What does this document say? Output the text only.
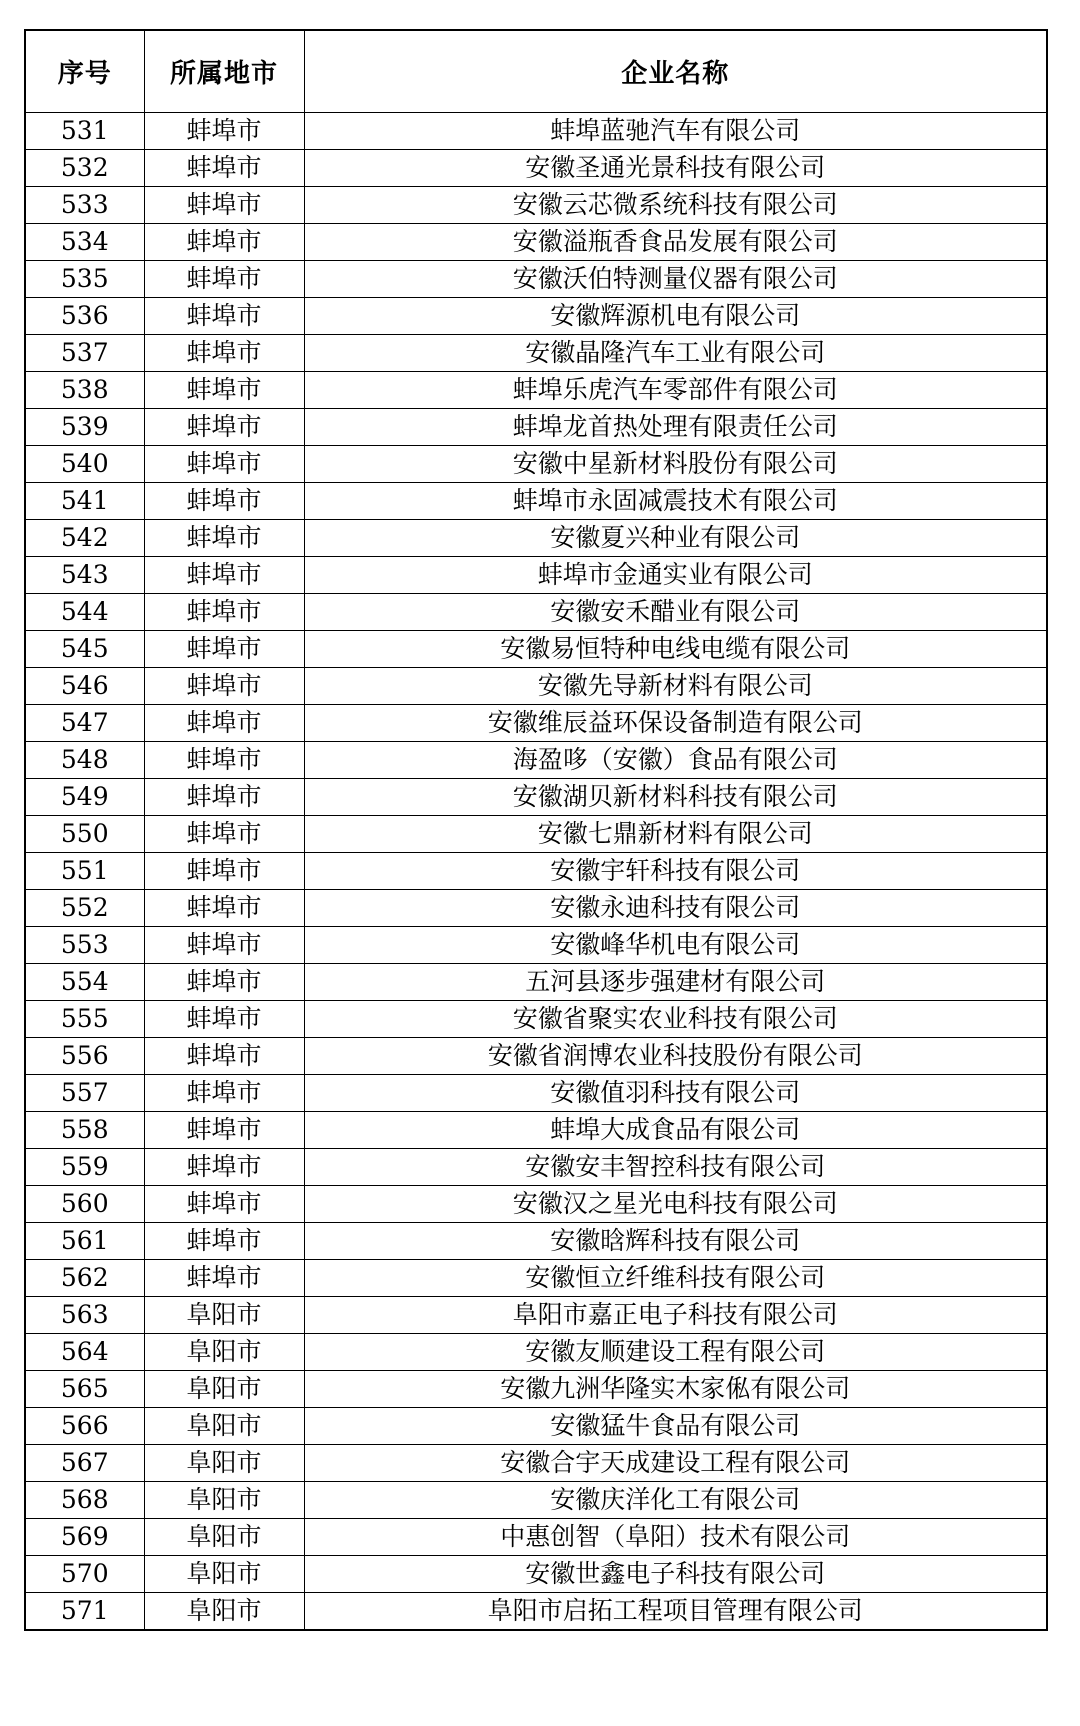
序号	所属地市	企业名称
531	蚌埠市	蚌埠蓝驰汽车有限公司
532	蚌埠市	安徽圣通光景科技有限公司
533	蚌埠市	安徽云芯微系统科技有限公司
534	蚌埠市	安徽溢瓶香食品发展有限公司
535	蚌埠市	安徽沃伯特测量仪器有限公司
536	蚌埠市	安徽辉源机电有限公司
537	蚌埠市	安徽晶隆汽车工业有限公司
538	蚌埠市	蚌埠乐虎汽车零部件有限公司
539	蚌埠市	蚌埠龙首热处理有限责任公司
540	蚌埠市	安徽中星新材料股份有限公司
541	蚌埠市	蚌埠市永固减震技术有限公司
542	蚌埠市	安徽夏兴种业有限公司
543	蚌埠市	蚌埠市金通实业有限公司
544	蚌埠市	安徽安禾醋业有限公司
545	蚌埠市	安徽易恒特种电线电缆有限公司
546	蚌埠市	安徽先导新材料有限公司
547	蚌埠市	安徽维辰益环保设备制造有限公司
548	蚌埠市	海盈哆（安徽）食品有限公司
549	蚌埠市	安徽湖贝新材料科技有限公司
550	蚌埠市	安徽七鼎新材料有限公司
551	蚌埠市	安徽宇轩科技有限公司
552	蚌埠市	安徽永迪科技有限公司
553	蚌埠市	安徽峰华机电有限公司
554	蚌埠市	五河县逐步强建材有限公司
555	蚌埠市	安徽省聚实农业科技有限公司
556	蚌埠市	安徽省润博农业科技股份有限公司
557	蚌埠市	安徽值羽科技有限公司
558	蚌埠市	蚌埠大成食品有限公司
559	蚌埠市	安徽安丰智控科技有限公司
560	蚌埠市	安徽汉之星光电科技有限公司
561	蚌埠市	安徽晗辉科技有限公司
562	蚌埠市	安徽恒立纤维科技有限公司
563	阜阳市	阜阳市嘉正电子科技有限公司
564	阜阳市	安徽友顺建设工程有限公司
565	阜阳市	安徽九洲华隆实木家俬有限公司
566	阜阳市	安徽猛牛食品有限公司
567	阜阳市	安徽合宇天成建设工程有限公司
568	阜阳市	安徽庆洋化工有限公司
569	阜阳市	中惠创智（阜阳）技术有限公司
570	阜阳市	安徽世鑫电子科技有限公司
571	阜阳市	阜阳市启拓工程项目管理有限公司
